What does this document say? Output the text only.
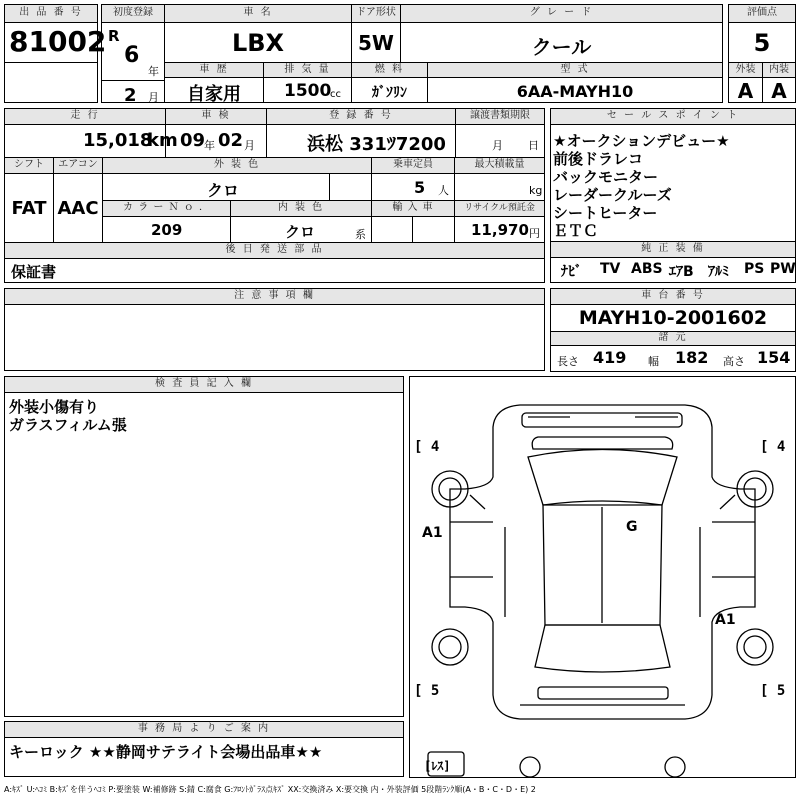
出 品 番 号
81002
初度登録
R
6
年
2 月
車 名
LBX
ドア形状
5W
グ レ ー ド
クール
評価点
5
車 歴
自家用
排 気 量
1500
cc
燃 料
ｶﾞｿﾘﾝ
型 式
6AA-MAYH10
外装
A
内装
A
走 行
15,018
km
車 検
09
年 02 月
登 録 番 号
浜松 331ﾂ7200
譲渡書類期限
月 日
シフト
FAT
エアコン
AAC
外 装 色
クロ
乗車定員
5 人
最大積載量
kg
カ ラ ー Ｎ ｏ ．
209
内 装 色
クロ	系
輸 入 車	リサイクル預託金
11,970 円
後 日 発 送 部 品
保証書
セ ー ル ス ポ イ ン ト
★オークションデビュー★
前後ドラレコ
バックモニター
レーダークルーズ
シートヒーター
ＥＴＣ
純 正 装 備
ﾅﾋﾞ TV ABS ｴｱB ｱﾙﾐ PS PW
注 意 事 項 欄	車 台 番 号
MAYH10-2001602
諸 元
長さ 419 幅 182 高さ 154
検 査 員 記 入 欄
外装小傷有り
ガラスフィルム張
[ 4	[ 4
[ 5	[ 5
[ﾚｽ]
G
A1
A1
事 務 局 よ り ご 案 内
キーロック ★★静岡サテライト会場出品車★★
A:ｷｽﾞ U:ﾍｺﾐ B:ｷｽﾞを伴うﾍｺﾐ P:要塗装 W:補修跡 S:錆 C:腐食 G:ﾌﾛﾝﾄｶﾞﾗｽ点ｷｽﾞ XX:交換済み X:要交換 内・外装評価 5段階ﾗﾝｸ順(A・B・C・D・E) 2
